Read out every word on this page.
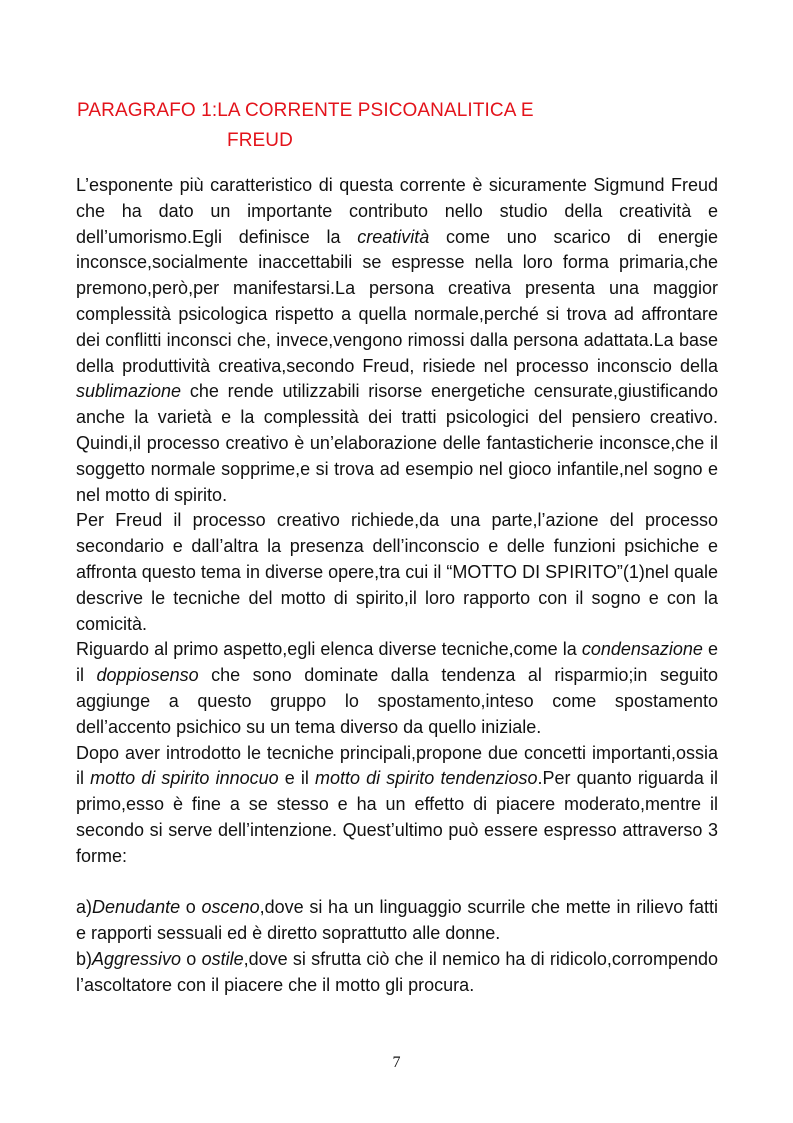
PARAGRAFO 1:LA CORRENTE PSICOANALITICA E
FREUD

L’esponente più caratteristico di questa corrente è sicuramente Sigmund Freud che ha dato un importante contributo nello studio della creatività e dell’umorismo.Egli definisce la creatività come uno scarico di energie inconsce,socialmente inaccettabili se espresse nella loro forma primaria,che premono,però,per manifestarsi.La persona creativa presenta una maggior complessità psicologica rispetto a quella normale,perché si trova ad affrontare dei conflitti inconsci che, invece,vengono rimossi dalla persona adattata.La base della produttività creativa,secondo Freud, risiede nel processo inconscio della sublimazione che rende utilizzabili risorse energetiche censurate,giustificando anche la varietà e la complessità dei tratti psicologici del pensiero creativo. Quindi,il processo creativo è un’elaborazione delle fantasticherie inconsce,che il soggetto normale sopprime,e si trova ad esempio nel gioco infantile,nel sogno e nel motto di spirito.

Per Freud il processo creativo richiede,da una parte,l’azione del processo secondario e dall’altra la presenza dell’inconscio e delle funzioni psichiche e affronta questo tema in diverse opere,tra cui il “MOTTO DI SPIRITO”(1)nel quale descrive le tecniche del motto di spirito,il loro rapporto con il sogno e con la comicità.

Riguardo al primo aspetto,egli elenca diverse tecniche,come la condensazione e il doppiosenso che sono dominate dalla tendenza al risparmio;in seguito aggiunge a questo gruppo lo spostamento,inteso come spostamento dell’accento psichico su un tema diverso da quello iniziale.

Dopo aver introdotto le tecniche principali,propone due concetti importanti,ossia il motto di spirito innocuo e il motto di spirito tendenzioso.Per quanto riguarda il primo,esso è fine a se stesso e ha un effetto di piacere moderato,mentre il secondo si serve dell’intenzione. Quest’ultimo può essere espresso attraverso 3 forme:

a)Denudante o osceno,dove si ha un linguaggio scurrile che mette in rilievo fatti e rapporti sessuali ed è diretto soprattutto alle donne.

b)Aggressivo o ostile,dove si sfrutta ciò che il nemico ha di ridicolo,corrompendo l’ascoltatore con il piacere che il motto gli procura.

7
